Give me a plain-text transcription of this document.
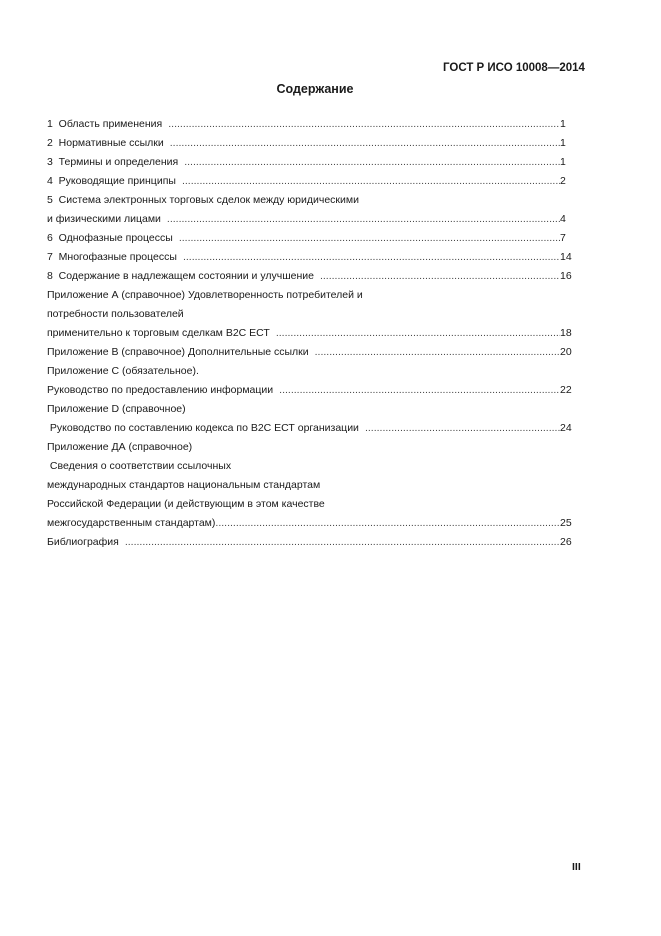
ГОСТ Р ИСО 10008—2014
Содержание
1  Область применения .....	1
2  Нормативные ссылки .....	1
3  Термины и определения .....	1
4  Руководящие принципы .....	2
5  Система электронных торговых сделок между юридическими
и физическими лицами .....	4
6  Однофазные процессы .....	7
7  Многофазные процессы .....	14
8  Содержание в надлежащем состоянии и улучшение .....	16
Приложение А (справочное) Удовлетворенность потребителей и
потребности пользователей
применительно к торговым сделкам В2С ЕСТ .....	18
Приложение В (справочное) Дополнительные ссылки .....	20
Приложение С (обязательное).
Руководство по предоставлению информации .....	22
Приложение D (справочное)
Руководство по составлению кодекса по В2С ЕСТ организации .....	24
Приложение ДА (справочное)
Сведения о соответствии ссылочных
международных стандартов национальным стандартам
Российской Федерации (и действующим в этом качестве
межгосударственным стандартам) .....	25
Библиография .....	26
III
